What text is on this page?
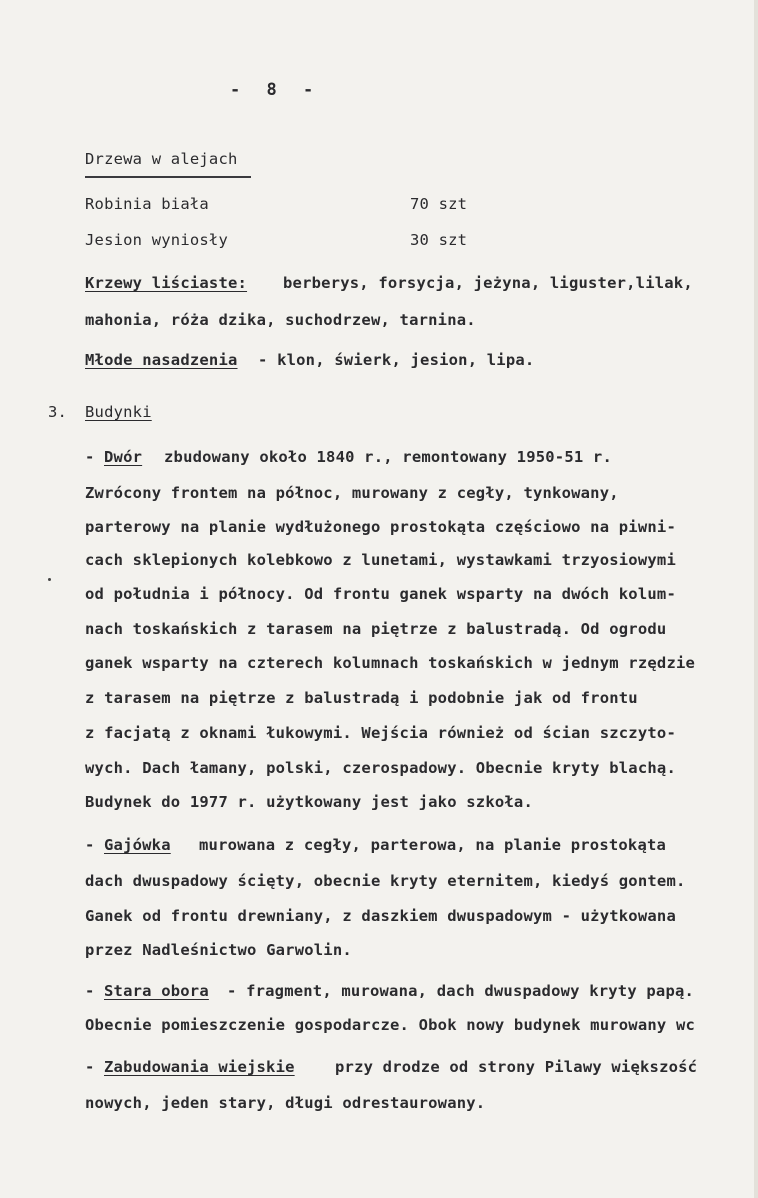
- 8 -
Drzewa w alejach
Robinia biała	70 szt
Jesion wyniosły	30 szt
Krzewy liściaste: berberys, forsycja, jeżyna, liguster,lilak,
mahonia, róża dzika, suchodrzew, tarnina.
Młode nasadzenia - klon, świerk, jesion, lipa.
3. Budynki
- Dwór zbudowany około 1840 r., remontowany 1950-51 r.
Zwrócony frontem na północ, murowany z cegły, tynkowany,
parterowy na planie wydłużonego prostokąta częściowo na piwni-
cach sklepionych kolebkowo z lunetami, wystawkami trzyosiowymi
od południa i północy. Od frontu ganek wsparty na dwóch kolum-
nach toskańskich z tarasem na piętrze z balustradą. Od ogrodu
ganek wsparty na czterech kolumnach toskańskich w jednym rzędzie
z tarasem na piętrze z balustradą i podobnie jak od frontu
z facjatą z oknami łukowymi. Wejścia również od ścian szczyto-
wych. Dach łamany, polski, czerospadowy. Obecnie kryty blachą.
Budynek do 1977 r. użytkowany jest jako szkoła.
- Gajówka murowana z cegły, parterowa, na planie prostokąta
dach dwuspadowy ścięty, obecnie kryty eternitem, kiedyś gontem.
Ganek od frontu drewniany, z daszkiem dwuspadowym - użytkowana
przez Nadleśnictwo Garwolin.
- Stara obora - fragment, murowana, dach dwuspadowy kryty papą.
Obecnie pomieszczenie gospodarcze. Obok nowy budynek murowany wc
- Zabudowania wiejskie	przy drodze od strony Pilawy większość
nowych, jeden stary, długi odrestaurowany.
